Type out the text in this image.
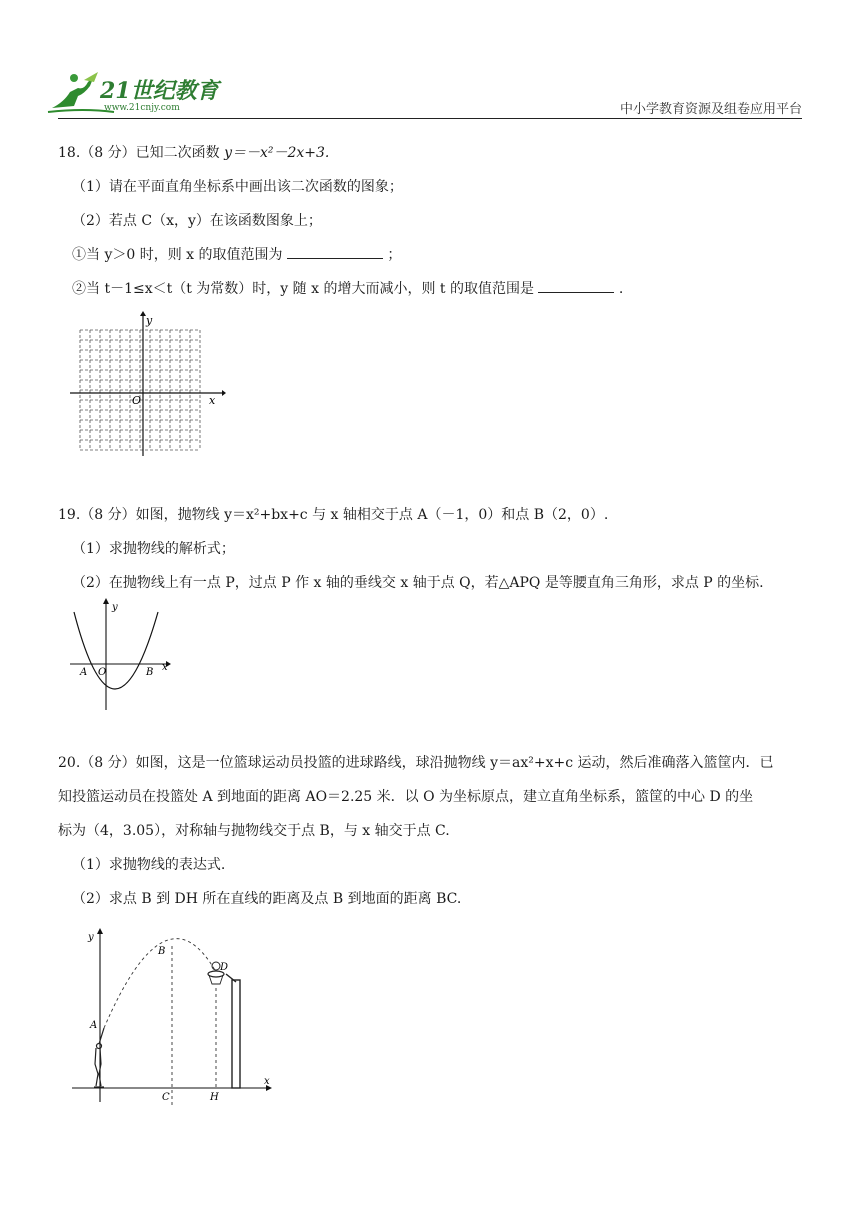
21世纪教育
www.21cnjy.com	中小学教育资源及组卷应用平台
18.（8 分）已知二次函数 y＝－x²－2x+3.
（1）请在平面直角坐标系中画出该二次函数的图象；
（2）若点 C（x，y）在该函数图象上；
①当 y＞0 时，则 x 的取值范围为	；
②当 t－1≤x＜t（t 为常数）时，y 随 x 的增大而减小，则 t 的取值范围是	.
y
x
O
19.（8 分）如图，抛物线 y＝x²+bx+c 与 x 轴相交于点 A（－1，0）和点 B（2，0）.
（1）求抛物线的解析式；
（2）在抛物线上有一点 P，过点 P 作 x 轴的垂线交 x 轴于点 Q，若△APQ 是等腰直角三角形，求点 P 的坐标.
y
x
O
A	B
20.（8 分）如图，这是一位篮球运动员投篮的进球路线，球沿抛物线 y＝ax²+x+c 运动，然后准确落入篮筐内．已
知投篮运动员在投篮处 A 到地面的距离 AO＝2.25 米．以 O 为坐标原点，建立直角坐标系，篮筐的中心 D 的坐
标为（4，3.05），对称轴与抛物线交于点 B，与 x 轴交于点 C.
（1）求抛物线的表达式.
（2）求点 B 到 DH 所在直线的距离及点 B 到地面的距离 BC.
y
x
A
B
C
D
H
